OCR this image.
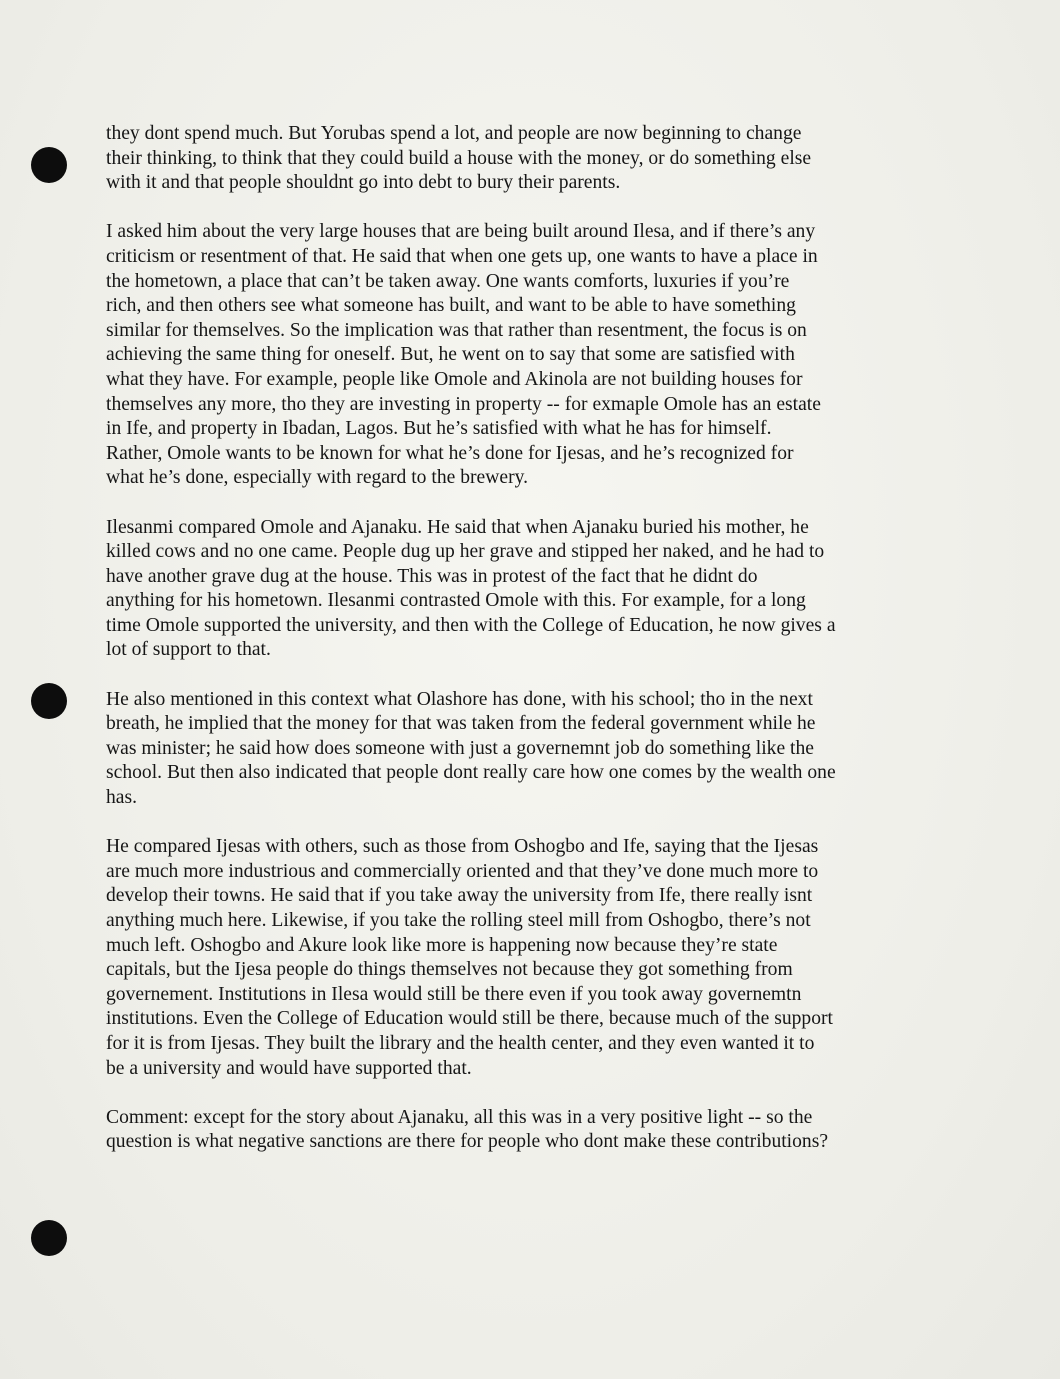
they dont spend much. But Yorubas spend a lot, and people are now beginning to change
their thinking, to think that they could build a house with the money, or do something else
with it and that people shouldnt go into debt to bury their parents.

I asked him about the very large houses that are being built around Ilesa, and if there’s any
criticism or resentment of that. He said that when one gets up, one wants to have a place in
the hometown, a place that can’t be taken away. One wants comforts, luxuries if you’re
rich, and then others see what someone has built, and want to be able to have something
similar for themselves. So the implication was that rather than resentment, the focus is on
achieving the same thing for oneself. But, he went on to say that some are satisfied with
what they have. For example, people like Omole and Akinola are not building houses for
themselves any more, tho they are investing in property -- for exmaple Omole has an estate
in Ife, and property in Ibadan, Lagos. But he’s satisfied with what he has for himself.
Rather, Omole wants to be known for what he’s done for Ijesas, and he’s recognized for
what he’s done, especially with regard to the brewery.

Ilesanmi compared Omole and Ajanaku. He said that when Ajanaku buried his mother, he
killed cows and no one came. People dug up her grave and stipped her naked, and he had to
have another grave dug at the house. This was in protest of the fact that he didnt do
anything for his hometown. Ilesanmi contrasted Omole with this. For example, for a long
time Omole supported the university, and then with the College of Education, he now gives a
lot of support to that.

He also mentioned in this context what Olashore has done, with his school; tho in the next
breath, he implied that the money for that was taken from the federal government while he
was minister; he said how does someone with just a governemnt job do something like the
school. But then also indicated that people dont really care how one comes by the wealth one
has.

He compared Ijesas with others, such as those from Oshogbo and Ife, saying that the Ijesas
are much more industrious and commercially oriented and that they’ve done much more to
develop their towns. He said that if you take away the university from Ife, there really isnt
anything much here. Likewise, if you take the rolling steel mill from Oshogbo, there’s not
much left. Oshogbo and Akure look like more is happening now because they’re state
capitals, but the Ijesa people do things themselves not because they got something from
governement. Institutions in Ilesa would still be there even if you took away governemtn
institutions. Even the College of Education would still be there, because much of the support
for it is from Ijesas. They built the library and the health center, and they even wanted it to
be a university and would have supported that.

Comment: except for the story about Ajanaku, all this was in a very positive light -- so the
question is what negative sanctions are there for people who dont make these contributions?
